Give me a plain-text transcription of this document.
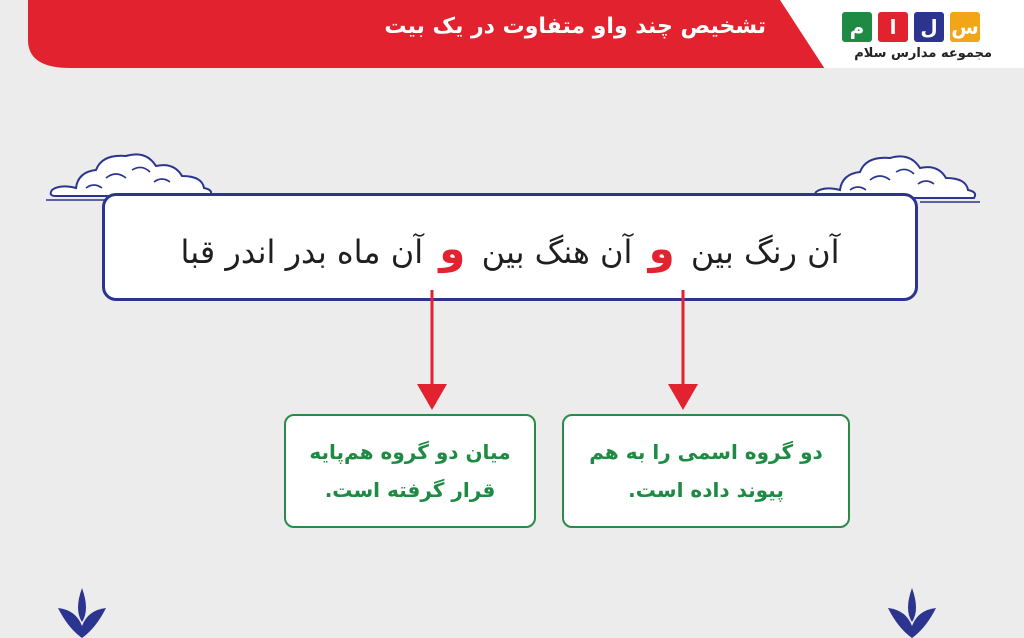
تشخیص چند واو متفاوت در یک بیت	م	ا	ل س
مجموعه مدارس سلام
آن رنگ بین و آن هنگ بین و آن ماه بدر اندر قبا
دو گروه اسمی را به هم
پیوند داده است.
میان دو گروه هم‌پایه
قرار گرفته است.
